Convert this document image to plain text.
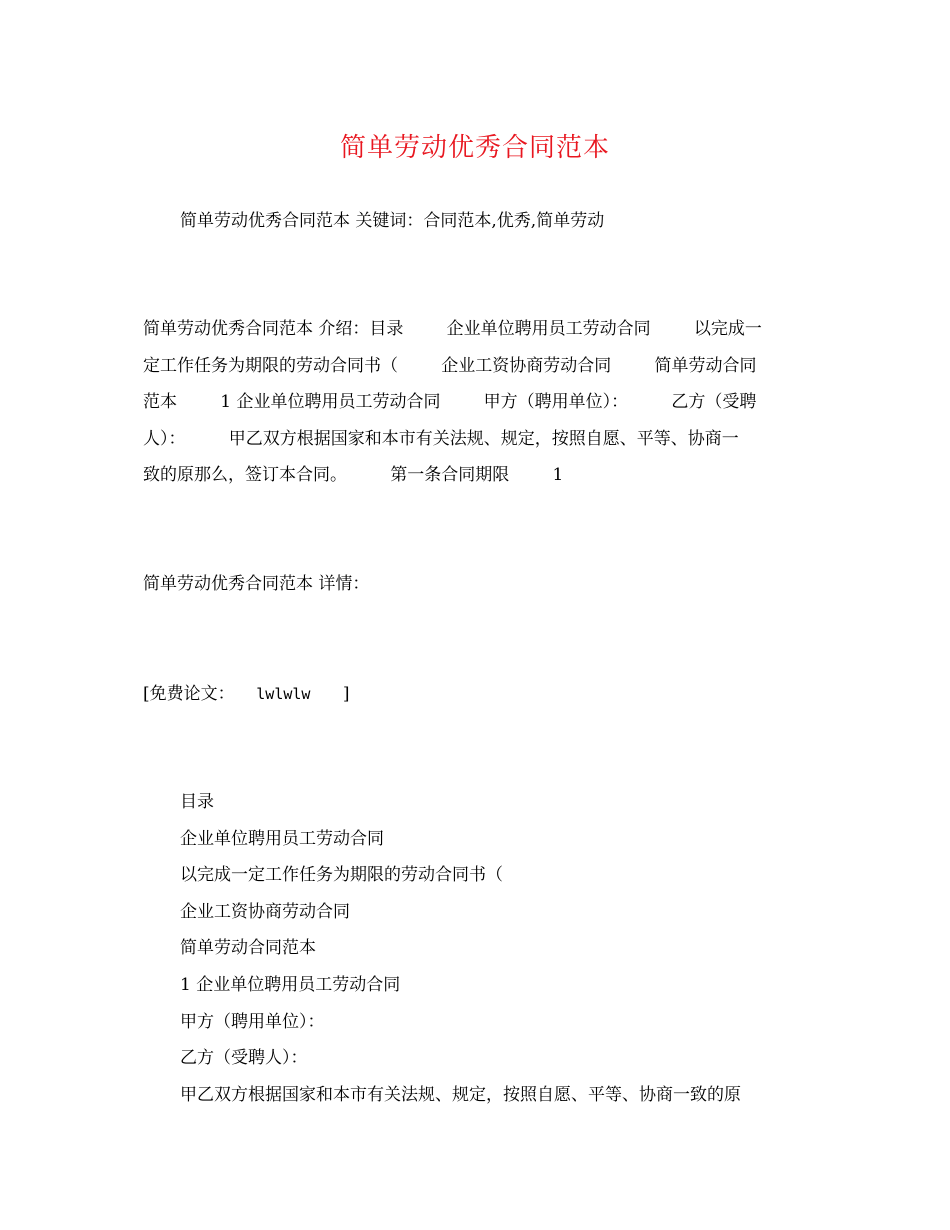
简单劳动优秀合同范本
简单劳动优秀合同范本 关键词：合同范本,优秀,简单劳动
简单劳动优秀合同范本 介绍：目录        企业单位聘用员工劳动合同        以完成一
定工作任务为期限的劳动合同书（        企业工资协商劳动合同        简单劳动合同
范本        1 企业单位聘用员工劳动合同        甲方（聘用单位）：        乙方（受聘
人）：        甲乙双方根据国家和本市有关法规、规定，按照自愿、平等、协商一
致的原那么，签订本合同。        第一条合同期限        1
简单劳动优秀合同范本 详情：
[免费论文： lwlwlw ]
目录
企业单位聘用员工劳动合同
以完成一定工作任务为期限的劳动合同书（
企业工资协商劳动合同
简单劳动合同范本
1 企业单位聘用员工劳动合同
甲方（聘用单位）：
乙方（受聘人）：
甲乙双方根据国家和本市有关法规、规定，按照自愿、平等、协商一致的原
